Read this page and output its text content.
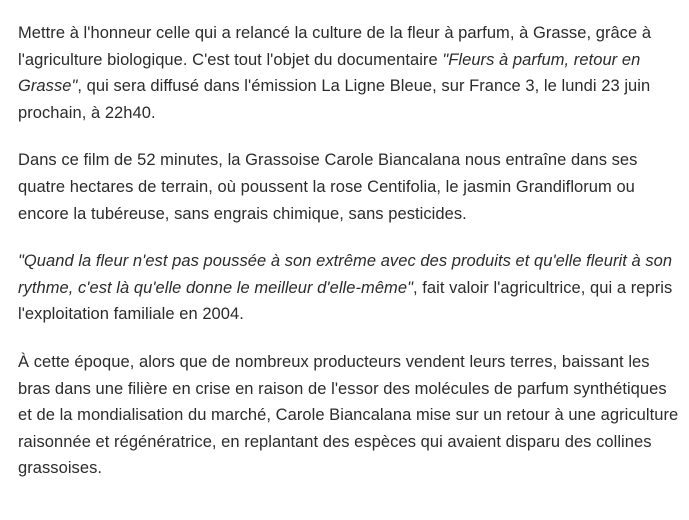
Mettre à l'honneur celle qui a relancé la culture de la fleur à parfum, à Grasse, grâce à l'agriculture biologique. C'est tout l'objet du documentaire "Fleurs à parfum, retour en Grasse", qui sera diffusé dans l'émission La Ligne Bleue, sur France 3, le lundi 23 juin prochain, à 22h40.

Dans ce film de 52 minutes, la Grassoise Carole Biancalana nous entraîne dans ses quatre hectares de terrain, où poussent la rose Centifolia, le jasmin Grandiflorum ou encore la tubéreuse, sans engrais chimique, sans pesticides.

"Quand la fleur n'est pas poussée à son extrême avec des produits et qu'elle fleurit à son rythme, c'est là qu'elle donne le meilleur d'elle-même", fait valoir l'agricultrice, qui a repris l'exploitation familiale en 2004.

À cette époque, alors que de nombreux producteurs vendent leurs terres, baissant les bras dans une filière en crise en raison de l'essor des molécules de parfum synthétiques et de la mondialisation du marché, Carole Biancalana mise sur un retour à une agriculture raisonnée et régénératrice, en replantant des espèces qui avaient disparu des collines grassoises.
